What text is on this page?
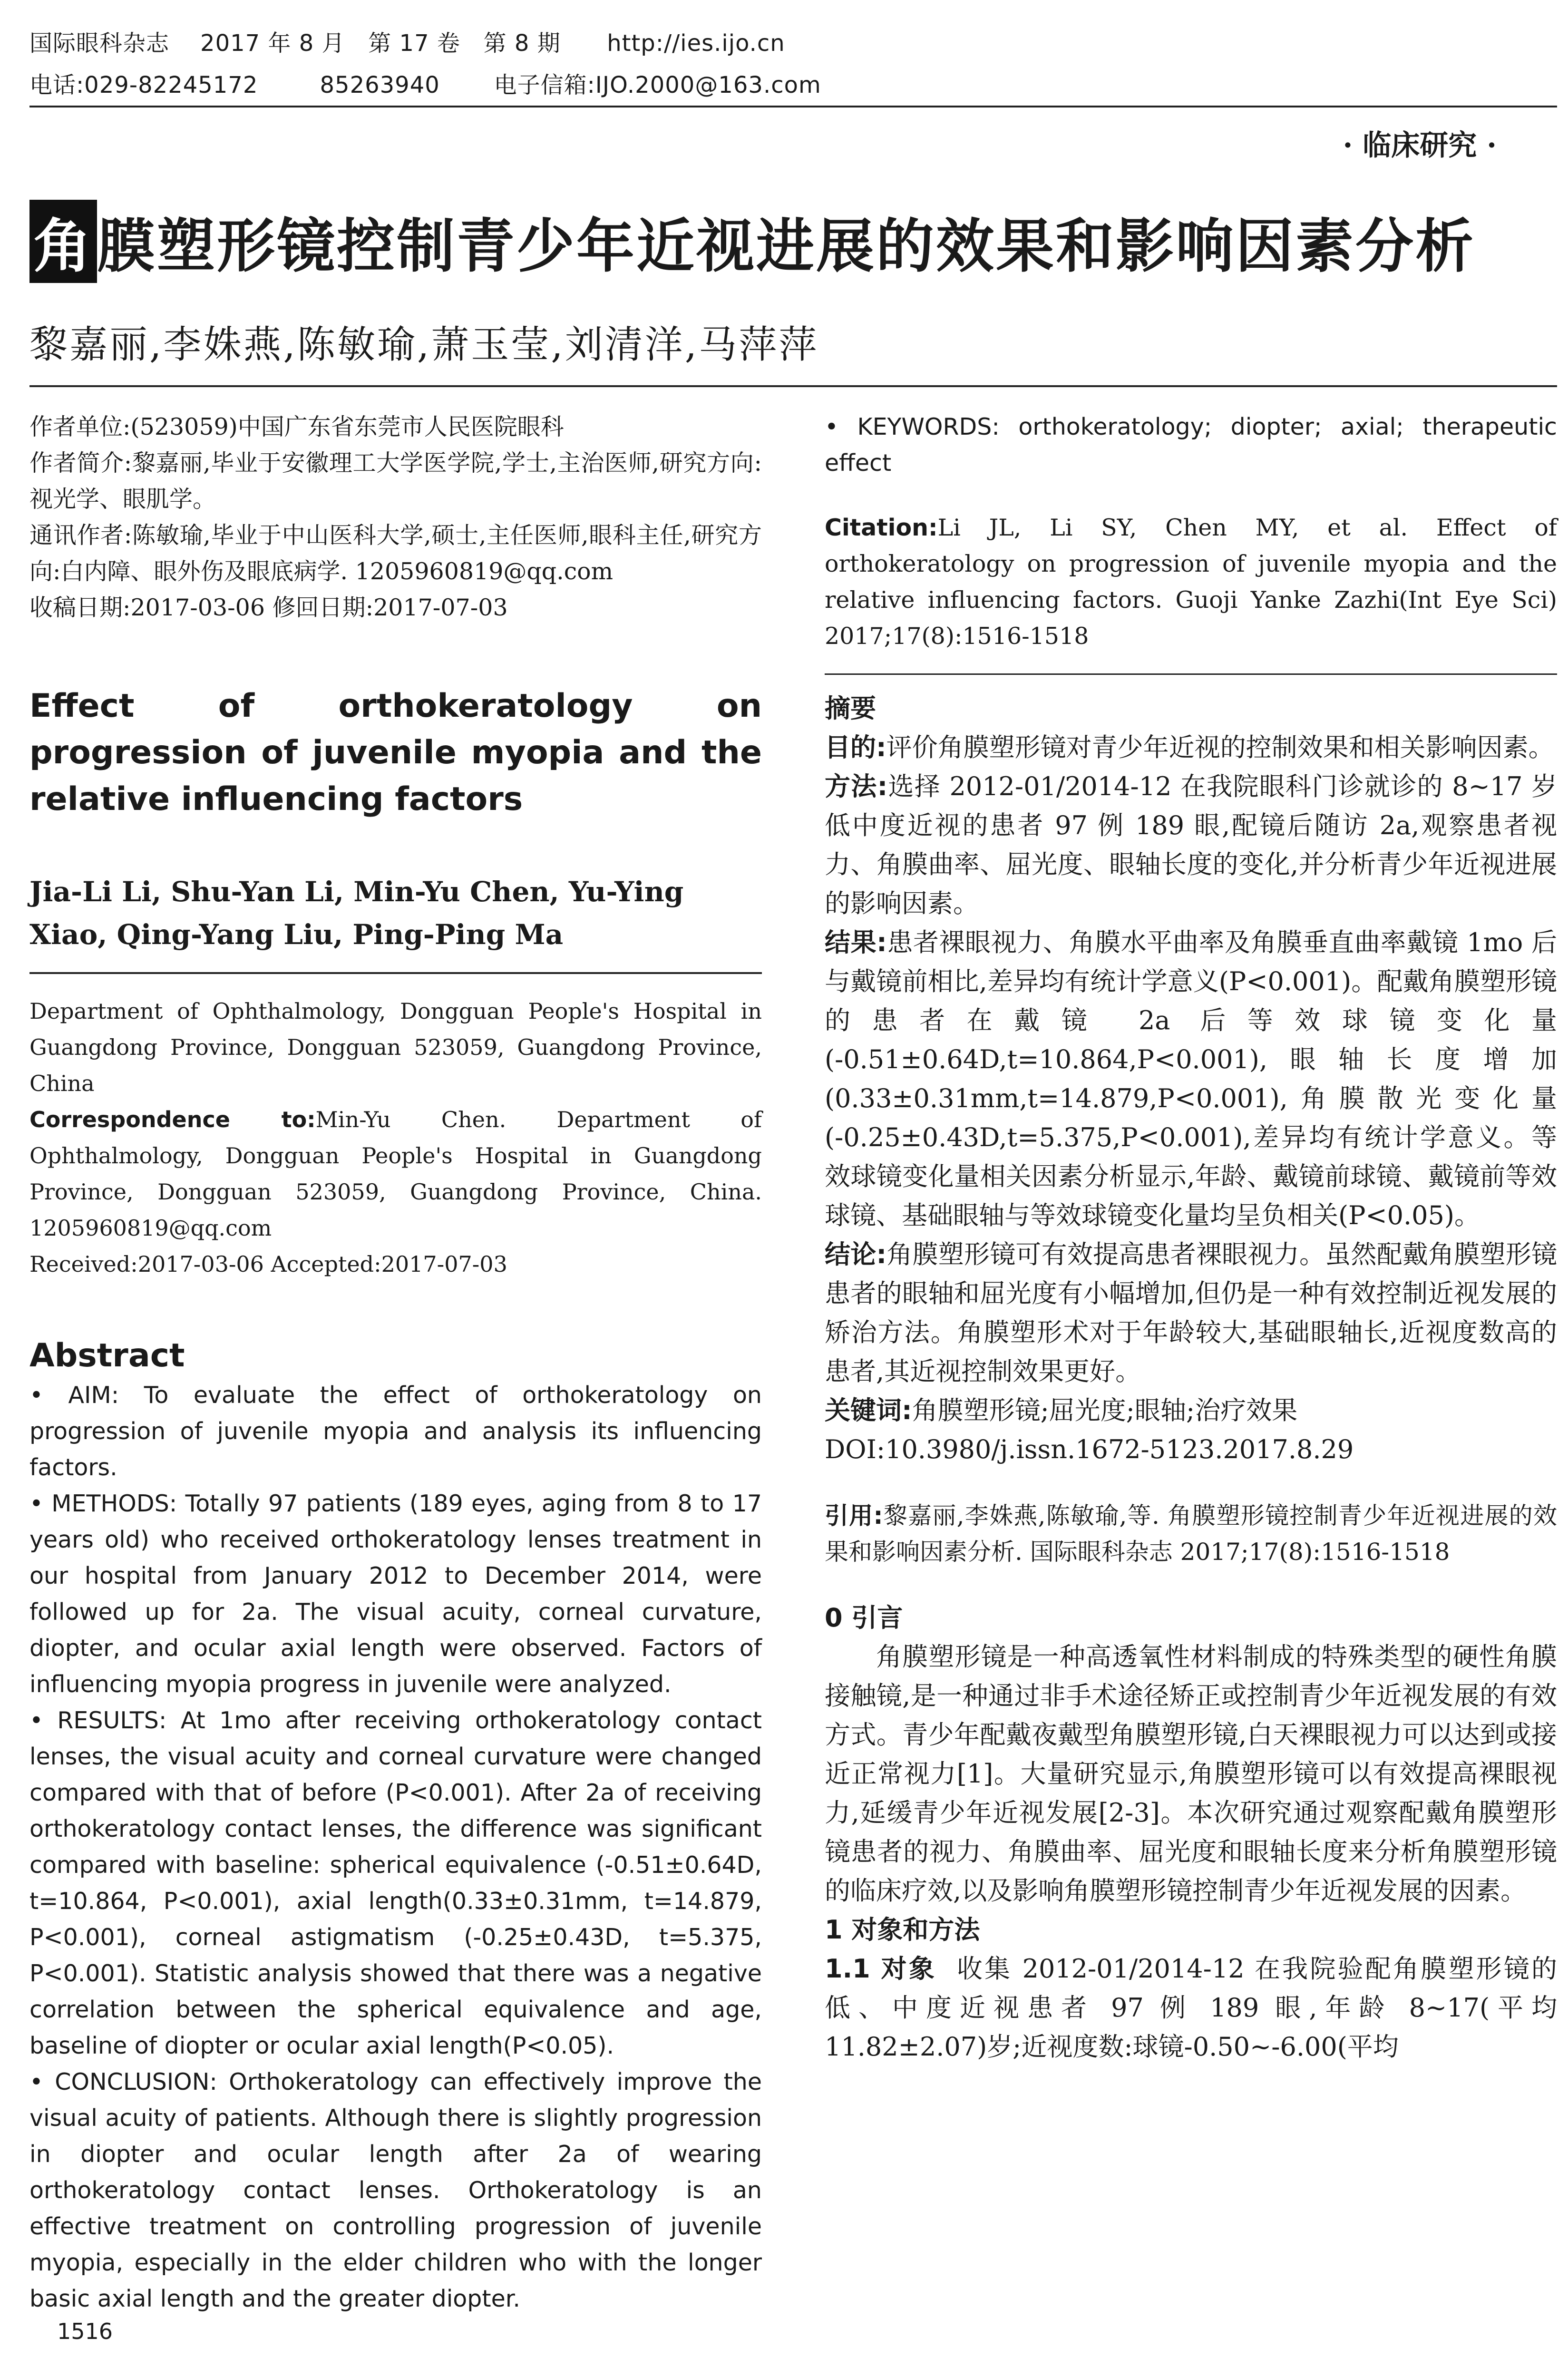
国际眼科杂志    2017 年 8 月   第 17 卷   第 8 期      http://ies.ijo.cn
电话:029-82245172        85263940       电子信箱:IJO.2000@163.com
· 临床研究 ·
角膜塑形镜控制青少年近视进展的效果和影响因素分析
黎嘉丽,李姝燕,陈敏瑜,萧玉莹,刘清洋,马萍萍
作者单位:(523059)中国广东省东莞市人民医院眼科
作者简介:黎嘉丽,毕业于安徽理工大学医学院,学士,主治医师,研究方向:视光学、眼肌学。
通讯作者:陈敏瑜,毕业于中山医科大学,硕士,主任医师,眼科主任,研究方向:白内障、眼外伤及眼底病学. 1205960819@qq.com
收稿日期:2017-03-06 修回日期:2017-07-03
Effect of orthokeratology on progression of juvenile myopia and the relative influencing factors
Jia-Li Li, Shu-Yan Li, Min-Yu Chen, Yu-Ying Xiao, Qing-Yang Liu, Ping-Ping Ma
Department of Ophthalmology, Dongguan People's Hospital in Guangdong Province, Dongguan 523059, Guangdong Province, China
Correspondence to:Min-Yu Chen. Department of Ophthalmology, Dongguan People's Hospital in Guangdong Province, Dongguan 523059, Guangdong Province, China. 1205960819@qq.com
Received:2017-03-06 Accepted:2017-07-03
Abstract
• AIM: To evaluate the effect of orthokeratology on progression of juvenile myopia and analysis its influencing factors.
• METHODS: Totally 97 patients (189 eyes, aging from 8 to 17 years old) who received orthokeratology lenses treatment in our hospital from January 2012 to December 2014, were followed up for 2a. The visual acuity, corneal curvature, diopter, and ocular axial length were observed. Factors of influencing myopia progress in juvenile were analyzed.
• RESULTS: At 1mo after receiving orthokeratology contact lenses, the visual acuity and corneal curvature were changed compared with that of before (P<0.001). After 2a of receiving orthokeratology contact lenses, the difference was significant compared with baseline: spherical equivalence (-0.51±0.64D, t=10.864, P<0.001), axial length(0.33±0.31mm, t=14.879, P<0.001), corneal astigmatism (-0.25±0.43D, t=5.375, P<0.001). Statistic analysis showed that there was a negative correlation between the spherical equivalence and age, baseline of diopter or ocular axial length(P<0.05).
• CONCLUSION: Orthokeratology can effectively improve the visual acuity of patients. Although there is slightly progression in diopter and ocular length after 2a of wearing orthokeratology contact lenses. Orthokeratology is an effective treatment on controlling progression of juvenile myopia, especially in the elder children who with the longer basic axial length and the greater diopter.
• KEYWORDS: orthokeratology; diopter; axial; therapeutic effect
Citation:Li JL, Li SY, Chen MY, et al. Effect of orthokeratology on progression of juvenile myopia and the relative influencing factors. Guoji Yanke Zazhi(Int Eye Sci) 2017;17(8):1516-1518
摘要
目的:评价角膜塑形镜对青少年近视的控制效果和相关影响因素。
方法:选择 2012-01/2014-12 在我院眼科门诊就诊的 8~17 岁低中度近视的患者 97 例 189 眼,配镜后随访 2a,观察患者视力、角膜曲率、屈光度、眼轴长度的变化,并分析青少年近视进展的影响因素。
结果:患者裸眼视力、角膜水平曲率及角膜垂直曲率戴镜 1mo 后与戴镜前相比,差异均有统计学意义(P<0.001)。配戴角膜塑形镜的患者在戴镜 2a 后等效球镜变化量(-0.51±0.64D,t=10.864,P<0.001),眼轴长度增加(0.33±0.31mm,t=14.879,P<0.001),角膜散光变化量(-0.25±0.43D,t=5.375,P<0.001),差异均有统计学意义。等效球镜变化量相关因素分析显示,年龄、戴镜前球镜、戴镜前等效球镜、基础眼轴与等效球镜变化量均呈负相关(P<0.05)。
结论:角膜塑形镜可有效提高患者裸眼视力。虽然配戴角膜塑形镜患者的眼轴和屈光度有小幅增加,但仍是一种有效控制近视发展的矫治方法。角膜塑形术对于年龄较大,基础眼轴长,近视度数高的患者,其近视控制效果更好。
关键词:角膜塑形镜;屈光度;眼轴;治疗效果
DOI:10.3980/j.issn.1672-5123.2017.8.29
引用:黎嘉丽,李姝燕,陈敏瑜,等. 角膜塑形镜控制青少年近视进展的效果和影响因素分析. 国际眼科杂志 2017;17(8):1516-1518
0 引言
角膜塑形镜是一种高透氧性材料制成的特殊类型的硬性角膜接触镜,是一种通过非手术途径矫正或控制青少年近视发展的有效方式。青少年配戴夜戴型角膜塑形镜,白天裸眼视力可以达到或接近正常视力[1]。大量研究显示,角膜塑形镜可以有效提高裸眼视力,延缓青少年近视发展[2-3]。本次研究通过观察配戴角膜塑形镜患者的视力、角膜曲率、屈光度和眼轴长度来分析角膜塑形镜的临床疗效,以及影响角膜塑形镜控制青少年近视发展的因素。
1 对象和方法
1.1 对象 收集 2012-01/2014-12 在我院验配角膜塑形镜的低、中度近视患者 97 例 189 眼,年龄 8~17(平均 11.82±2.07)岁;近视度数:球镜-0.50~-6.00(平均
1516
